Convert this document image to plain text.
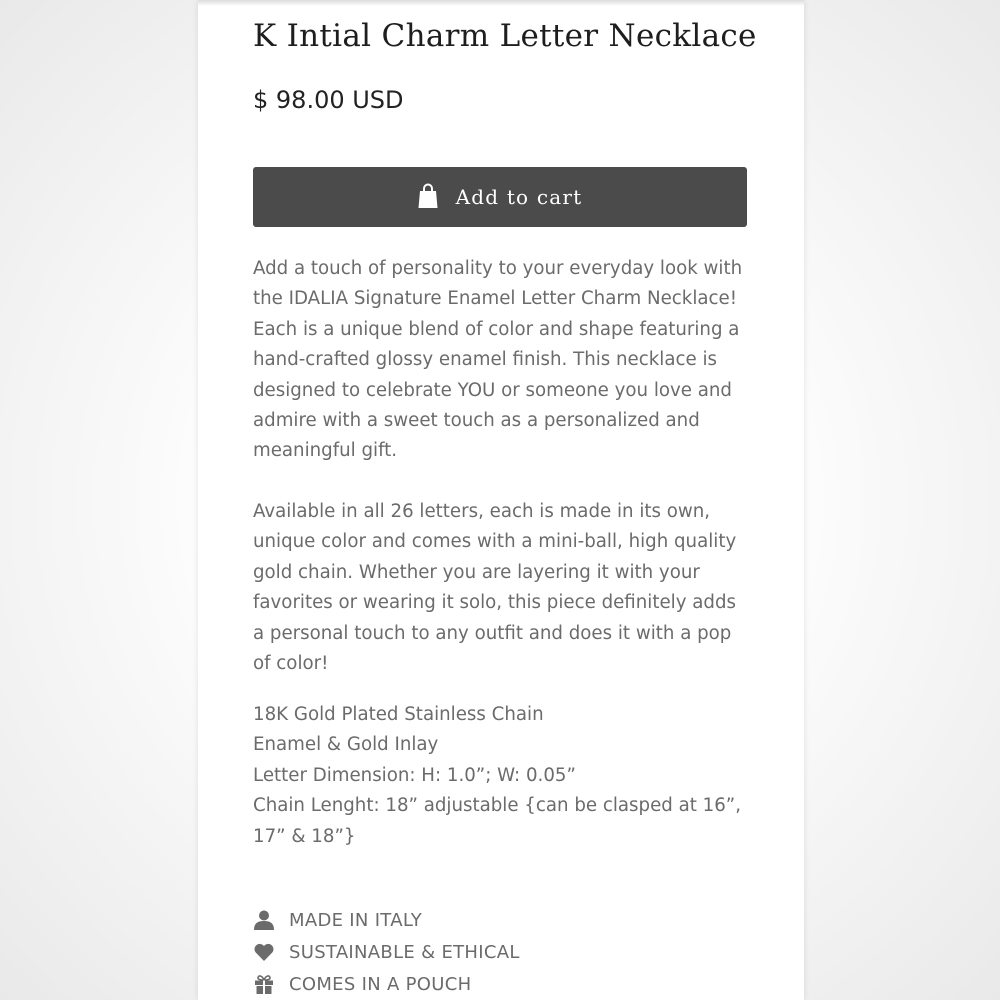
K Intial Charm Letter Necklace
$ 98.00 USD
Add to cart

Add a touch of personality to your everyday look with the IDALIA Signature Enamel Letter Charm Necklace! Each is a unique blend of color and shape featuring a hand-crafted glossy enamel finish. This necklace is designed to celebrate YOU or someone you love and admire with a sweet touch as a personalized and meaningful gift.

Available in all 26 letters, each is made in its own, unique color and comes with a mini-ball, high quality gold chain. Whether you are layering it with your favorites or wearing it solo, this piece definitely adds a personal touch to any outfit and does it with a pop of color!

18K Gold Plated Stainless Chain
Enamel & Gold Inlay
Letter Dimension: H: 1.0”; W: 0.05”
Chain Lenght: 18” adjustable {can be clasped at 16”, 17” & 18”}
MADE IN ITALY
SUSTAINABLE & ETHICAL
COMES IN A POUCH
